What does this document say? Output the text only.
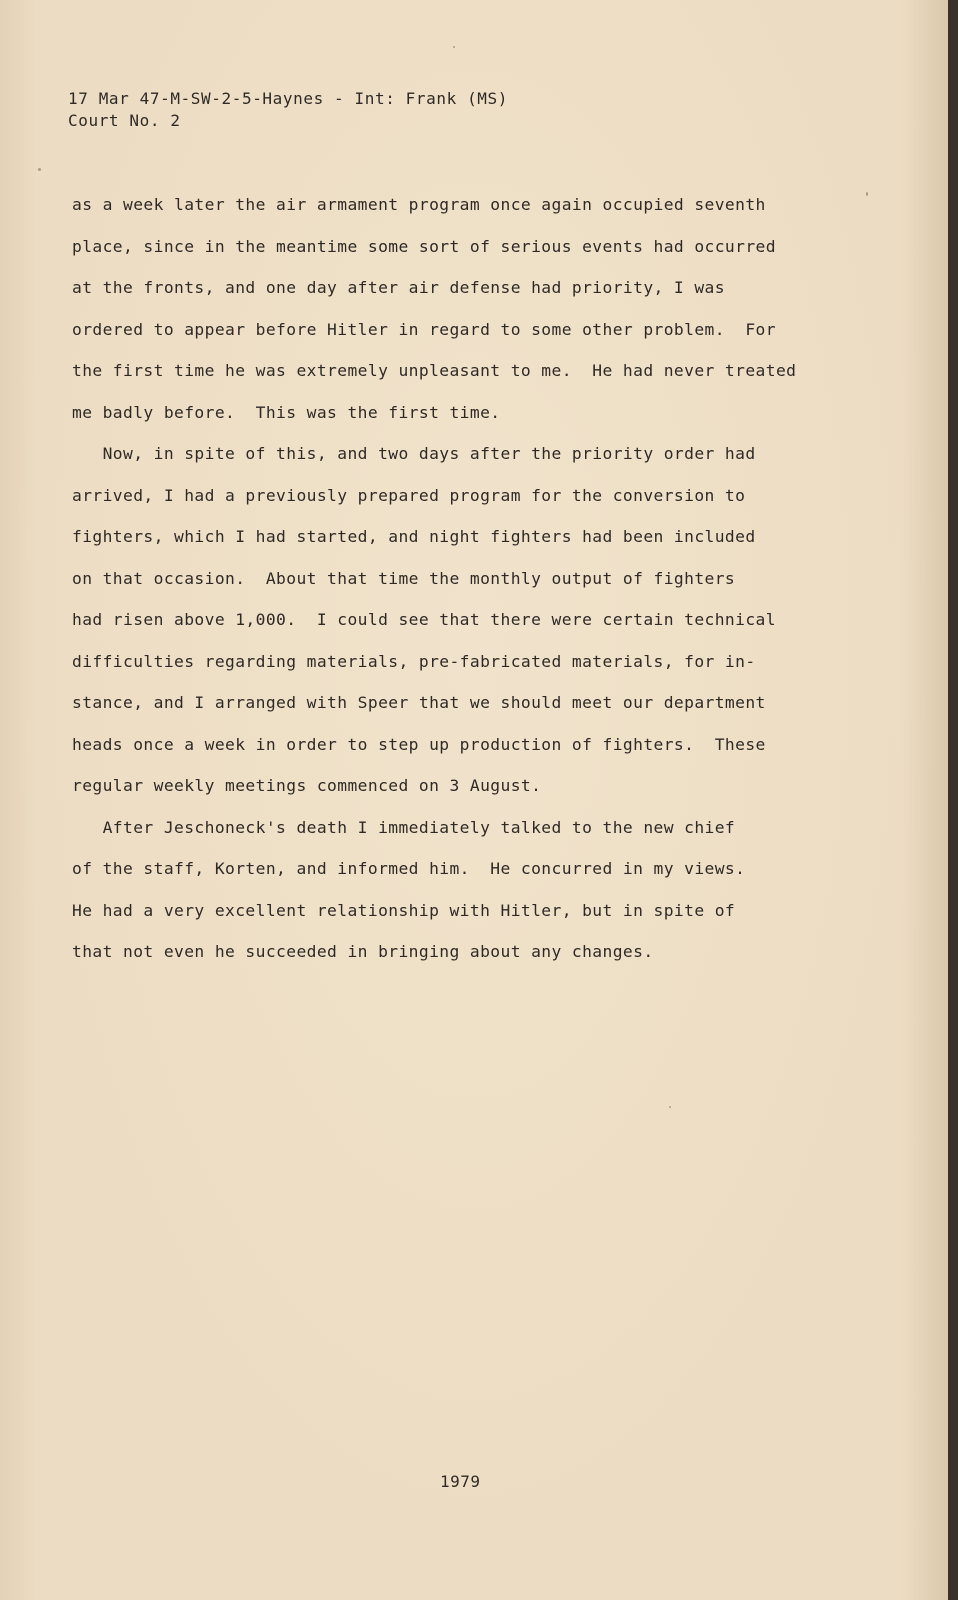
17 Mar 47-M-SW-2-5-Haynes - Int: Frank (MS)
Court No. 2
as a week later the air armament program once again occupied seventh
place, since in the meantime some sort of serious events had occurred
at the fronts, and one day after air defense had priority, I was
ordered to appear before Hitler in regard to some other problem.  For
the first time he was extremely unpleasant to me.  He had never treated
me badly before.  This was the first time.
Now, in spite of this, and two days after the priority order had
arrived, I had a previously prepared program for the conversion to
fighters, which I had started, and night fighters had been included
on that occasion.  About that time the monthly output of fighters
had risen above 1,000.  I could see that there were certain technical
difficulties regarding materials, pre-fabricated materials, for in-
stance, and I arranged with Speer that we should meet our department
heads once a week in order to step up production of fighters.  These
regular weekly meetings commenced on 3 August.
After Jeschoneck's death I immediately talked to the new chief
of the staff, Korten, and informed him.  He concurred in my views.
He had a very excellent relationship with Hitler, but in spite of
that not even he succeeded in bringing about any changes.
1979
